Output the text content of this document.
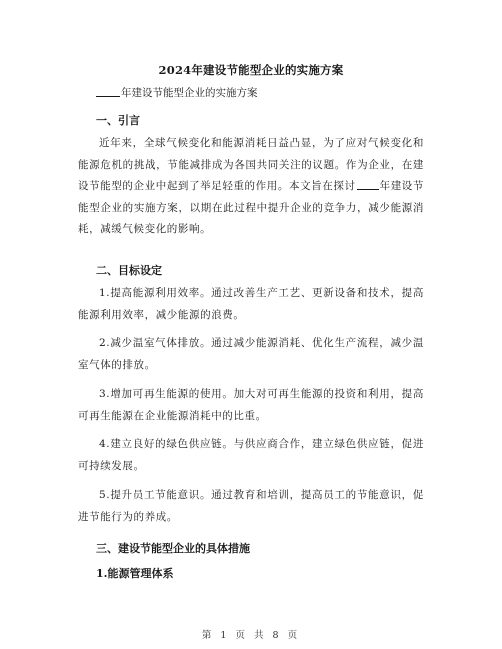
2024年建设节能型企业的实施方案
年建设节能型企业的实施方案
一、引言
近年来，全球气候变化和能源消耗日益凸显，为了应对气候变化和能源危机的挑战，节能减排成为各国共同关注的议题。作为企业，在建设节能型的企业中起到了举足轻重的作用。本文旨在探讨 年建设节能型企业的实施方案，以期在此过程中提升企业的竞争力，减少能源消耗，减缓气候变化的影响。
二、目标设定
1.提高能源利用效率。通过改善生产工艺、更新设备和技术，提高能源利用效率，减少能源的浪费。
2.减少温室气体排放。通过减少能源消耗、优化生产流程，减少温室气体的排放。
3.增加可再生能源的使用。加大对可再生能源的投资和利用，提高可再生能源在企业能源消耗中的比重。
4.建立良好的绿色供应链。与供应商合作，建立绿色供应链，促进可持续发展。
5.提升员工节能意识。通过教育和培训，提高员工的节能意识，促进节能行为的养成。
三、建设节能型企业的具体措施
1.能源管理体系
第 1 页 共 8 页
